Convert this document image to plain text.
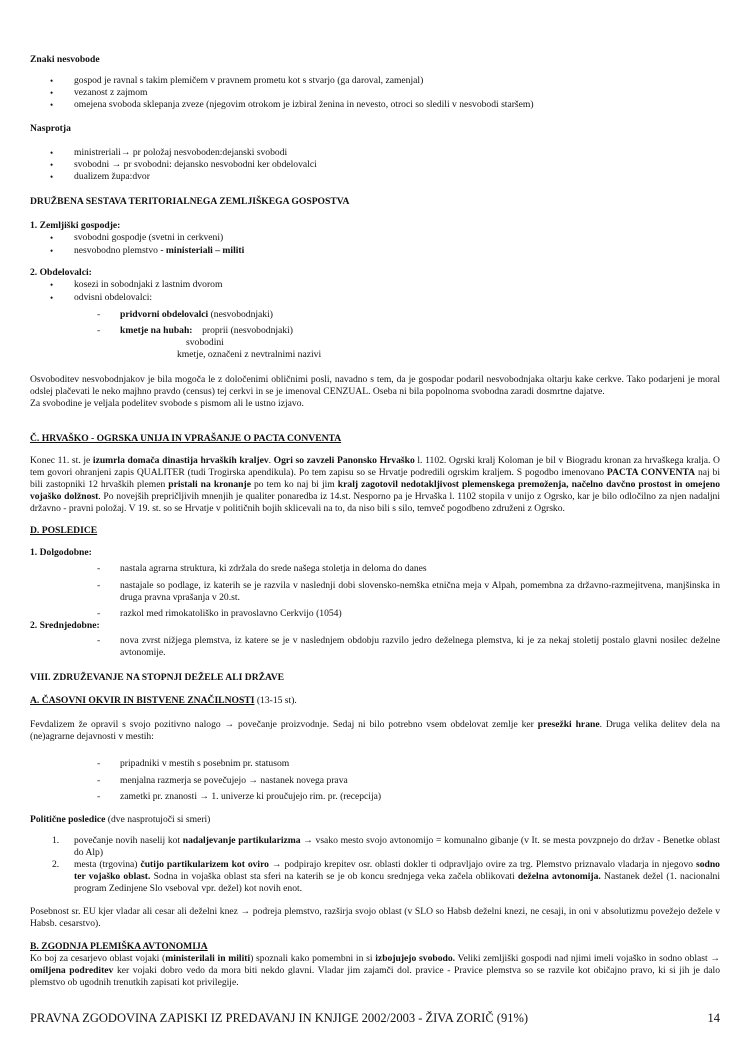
Znaki nesvobode
• gospod je ravnal s takim plemičem v pravnem prometu kot s stvarjo (ga daroval, zamenjal)
• vezanost z zajmom
• omejena svoboda sklepanja zveze (njegovim otrokom je izbiral ženina in nevesto, otroci so sledili v nesvobodi staršem)
Nasprotja
• ministreriali→ pr položaj nesvoboden:dejanski svobodi
• svobodni → pr svobodni: dejansko nesvobodni ker obdelovalci
• dualizem župa:dvor
DRUŽBENA SESTAVA TERITORIALNEGA ZEMLJIŠKEGA GOSPOSTVA
1. Zemljiški gospodje:
• svobodni gospodje (svetni in cerkveni)
• nesvobodno plemstvo - ministeriali – militi
2. Obdelovalci:
• kosezi in sobodnjaki z lastnim dvorom
• odvisni obdelovalci:
- pridvorni obdelovalci (nesvobodnjaki)
- kmetje na hubah: proprii (nesvobodnjaki)
svobodini
kmetje, označeni z nevtralnimi nazivi
Osvoboditev nesvobodnjakov je bila mogoča le z določenimi obličnimi posli, navadno s tem, da je gospodar podaril nesvobodnjaka oltarju kake cerkve. Tako podarjeni je moral odslej plačevati le neko majhno pravdo (census) tej cerkvi in se je imenoval CENZUAL. Oseba ni bila popolnoma svobodna zaradi dosmrtne dajatve.
Za svobodine je veljala podelitev svobode s pismom ali le ustno izjavo.
Č. HRVAŠKO - OGRSKA UNIJA IN VPRAŠANJE O PACTA CONVENTA
Konec 11. st. je izumrla domača dinastija hrvaških kraljev. Ogri so zavzeli Panonsko Hrvaško l. 1102. Ogrski kralj Koloman je bil v Biogradu kronan za hrvaškega kralja. O tem govori ohranjeni zapis QUALITER (tudi Trogirska apendikula). Po tem zapisu so se Hrvatje podredili ogrskim kraljem. S pogodbo imenovano PACTA CONVENTA naj bi bili zastopniki 12 hrvaških plemen pristali na kronanje po tem ko naj bi jim kralj zagotovil nedotakljivost plemenskega premoženja, načelno davčno prostost in omejeno vojaško dolžnost. Po novejših prepričljivih mnenjih je qualiter ponaredba iz 14.st. Nesporno pa je Hrvaška l. 1102 stopila v unijo z Ogrsko, kar je bilo odločilno za njen nadaljni državno - pravni položaj. V 19. st. so se Hrvatje v političnih bojih sklicevali na to, da niso bili s silo, temveč pogodbeno združeni z Ogrsko.
D. POSLEDICE
1. Dolgodobne:
- nastala agrarna struktura, ki zdržala do srede našega stoletja in deloma do danes
- nastajale so podlage, iz katerih se je razvila v naslednji dobi slovensko-nemška etnična meja v Alpah, pomembna za državno-razmejitvena, manjšinska in druga pravna vprašanja v 20.st.
- razkol med rimokatoliško in pravoslavno Cerkvijo (1054)
2. Srednjedobne:
- nova zvrst nižjega plemstva, iz katere se je v naslednjem obdobju razvilo jedro deželnega plemstva, ki je za nekaj stoletij postalo glavni nosilec deželne avtonomije.
VIII. ZDRUŽEVANJE NA STOPNJI DEŽELE ALI DRŽAVE
A. ČASOVNI OKVIR IN BISTVENE ZNAČILNOSTI (13-15 st).
Fevdalizem že opravil s svojo pozitivno nalogo → povečanje proizvodnje. Sedaj ni bilo potrebno vsem obdelovat zemlje ker presežki hrane. Druga velika delitev dela na (ne)agrarne dejavnosti v mestih:
- pripadniki v mestih s posebnim pr. statusom
- menjalna razmerja se povečujejo → nastanek novega prava
- zametki pr. znanosti → 1. univerze ki proučujejo rim. pr. (recepcija)
Politične posledice (dve nasprotujoči si smeri)
1. povečanje novih naselij kot nadaljevanje partikularizma → vsako mesto svojo avtonomijo = komunalno gibanje (v It. se mesta povzpnejo do držav - Benetke oblast do Alp)
2. mesta (trgovina) čutijo partikularizem kot oviro → podpirajo krepitev osr. oblasti dokler ti odpravljajo ovire za trg. Plemstvo priznavalo vladarja in njegovo sodno ter vojaško oblast. Sodna in vojaška oblast sta sferi na katerih se je ob koncu srednjega veka začela oblikovati deželna avtonomija. Nastanek dežel (1. nacionalni program Zedinjene Slo vseboval vpr. dežel) kot novih enot.
Posebnost sr. EU kjer vladar ali cesar ali deželni knez → podreja plemstvo, razširja svojo oblast (v SLO so Habsb deželni knezi, ne cesaji, in oni v absolutizmu povežejo dežele v Habsb. cesarstvo).
B. ZGODNJA PLEMIŠKA AVTONOMIJA
Ko boj za cesarjevo oblast vojaki (ministerilali in militi) spoznali kako pomembni in si izbojujejo svobodo. Veliki zemljiški gospodi nad njimi imeli vojaško in sodno oblast → omiljena podreditev ker vojaki dobro vedo da mora biti nekdo glavni. Vladar jim zajamči dol. pravice - Pravice plemstva so se razvile kot običajno pravo, ki si jih je dalo plemstvo ob ugodnih trenutkih zapisati kot privilegije.
PRAVNA ZGODOVINA ZAPISKI IZ PREDAVANJ IN KNJIGE 2002/2003 - ŽIVA ZORIČ (91%)	14
